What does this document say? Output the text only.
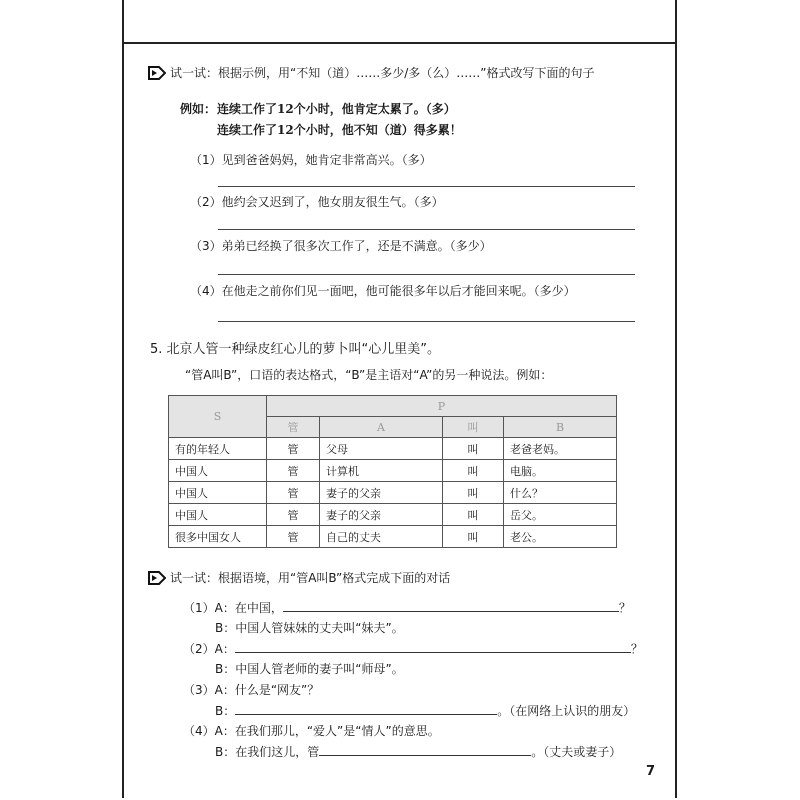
试一试：根据示例，用“不知（道）……多少/多（么）……”格式改写下面的句子
例如： 连续工作了12个小时，他肯定太累了。（多）
连续工作了12个小时，他不知（道）得多累！
（1）见到爸爸妈妈，她肯定非常高兴。（多）
（2）他约会又迟到了，他女朋友很生气。（多）
（3）弟弟已经换了很多次工作了，还是不满意。（多少）
（4）在他走之前你们见一面吧，他可能很多年以后才能回来呢。（多少）
5. 北京人管一种绿皮红心儿的萝卜叫“心儿里美”。
“管A叫B”，口语的表达格式，“B”是主语对“A”的另一种说法。例如：
S	P			
	管	A	叫	B
有的年轻人	管	父母	叫	老爸老妈。
中国人	管	计算机	叫	电脑。
中国人	管	妻子的父亲	叫	什么？
中国人	管	妻子的父亲	叫	岳父。
很多中国女人	管	自己的丈夫	叫	老公。
试一试：根据语境，用“管A叫B”格式完成下面的对话
（1）A：在中国，	？
B：中国人管妹妹的丈夫叫“妹夫”。
（2）A：	？
B：中国人管老师的妻子叫“师母”。
（3）A：什么是“网友”？
B：	。（在网络上认识的朋友）
（4）A：在我们那儿，“爱人”是“情人”的意思。
B：在我们这儿，管	。（丈夫或妻子）
7
